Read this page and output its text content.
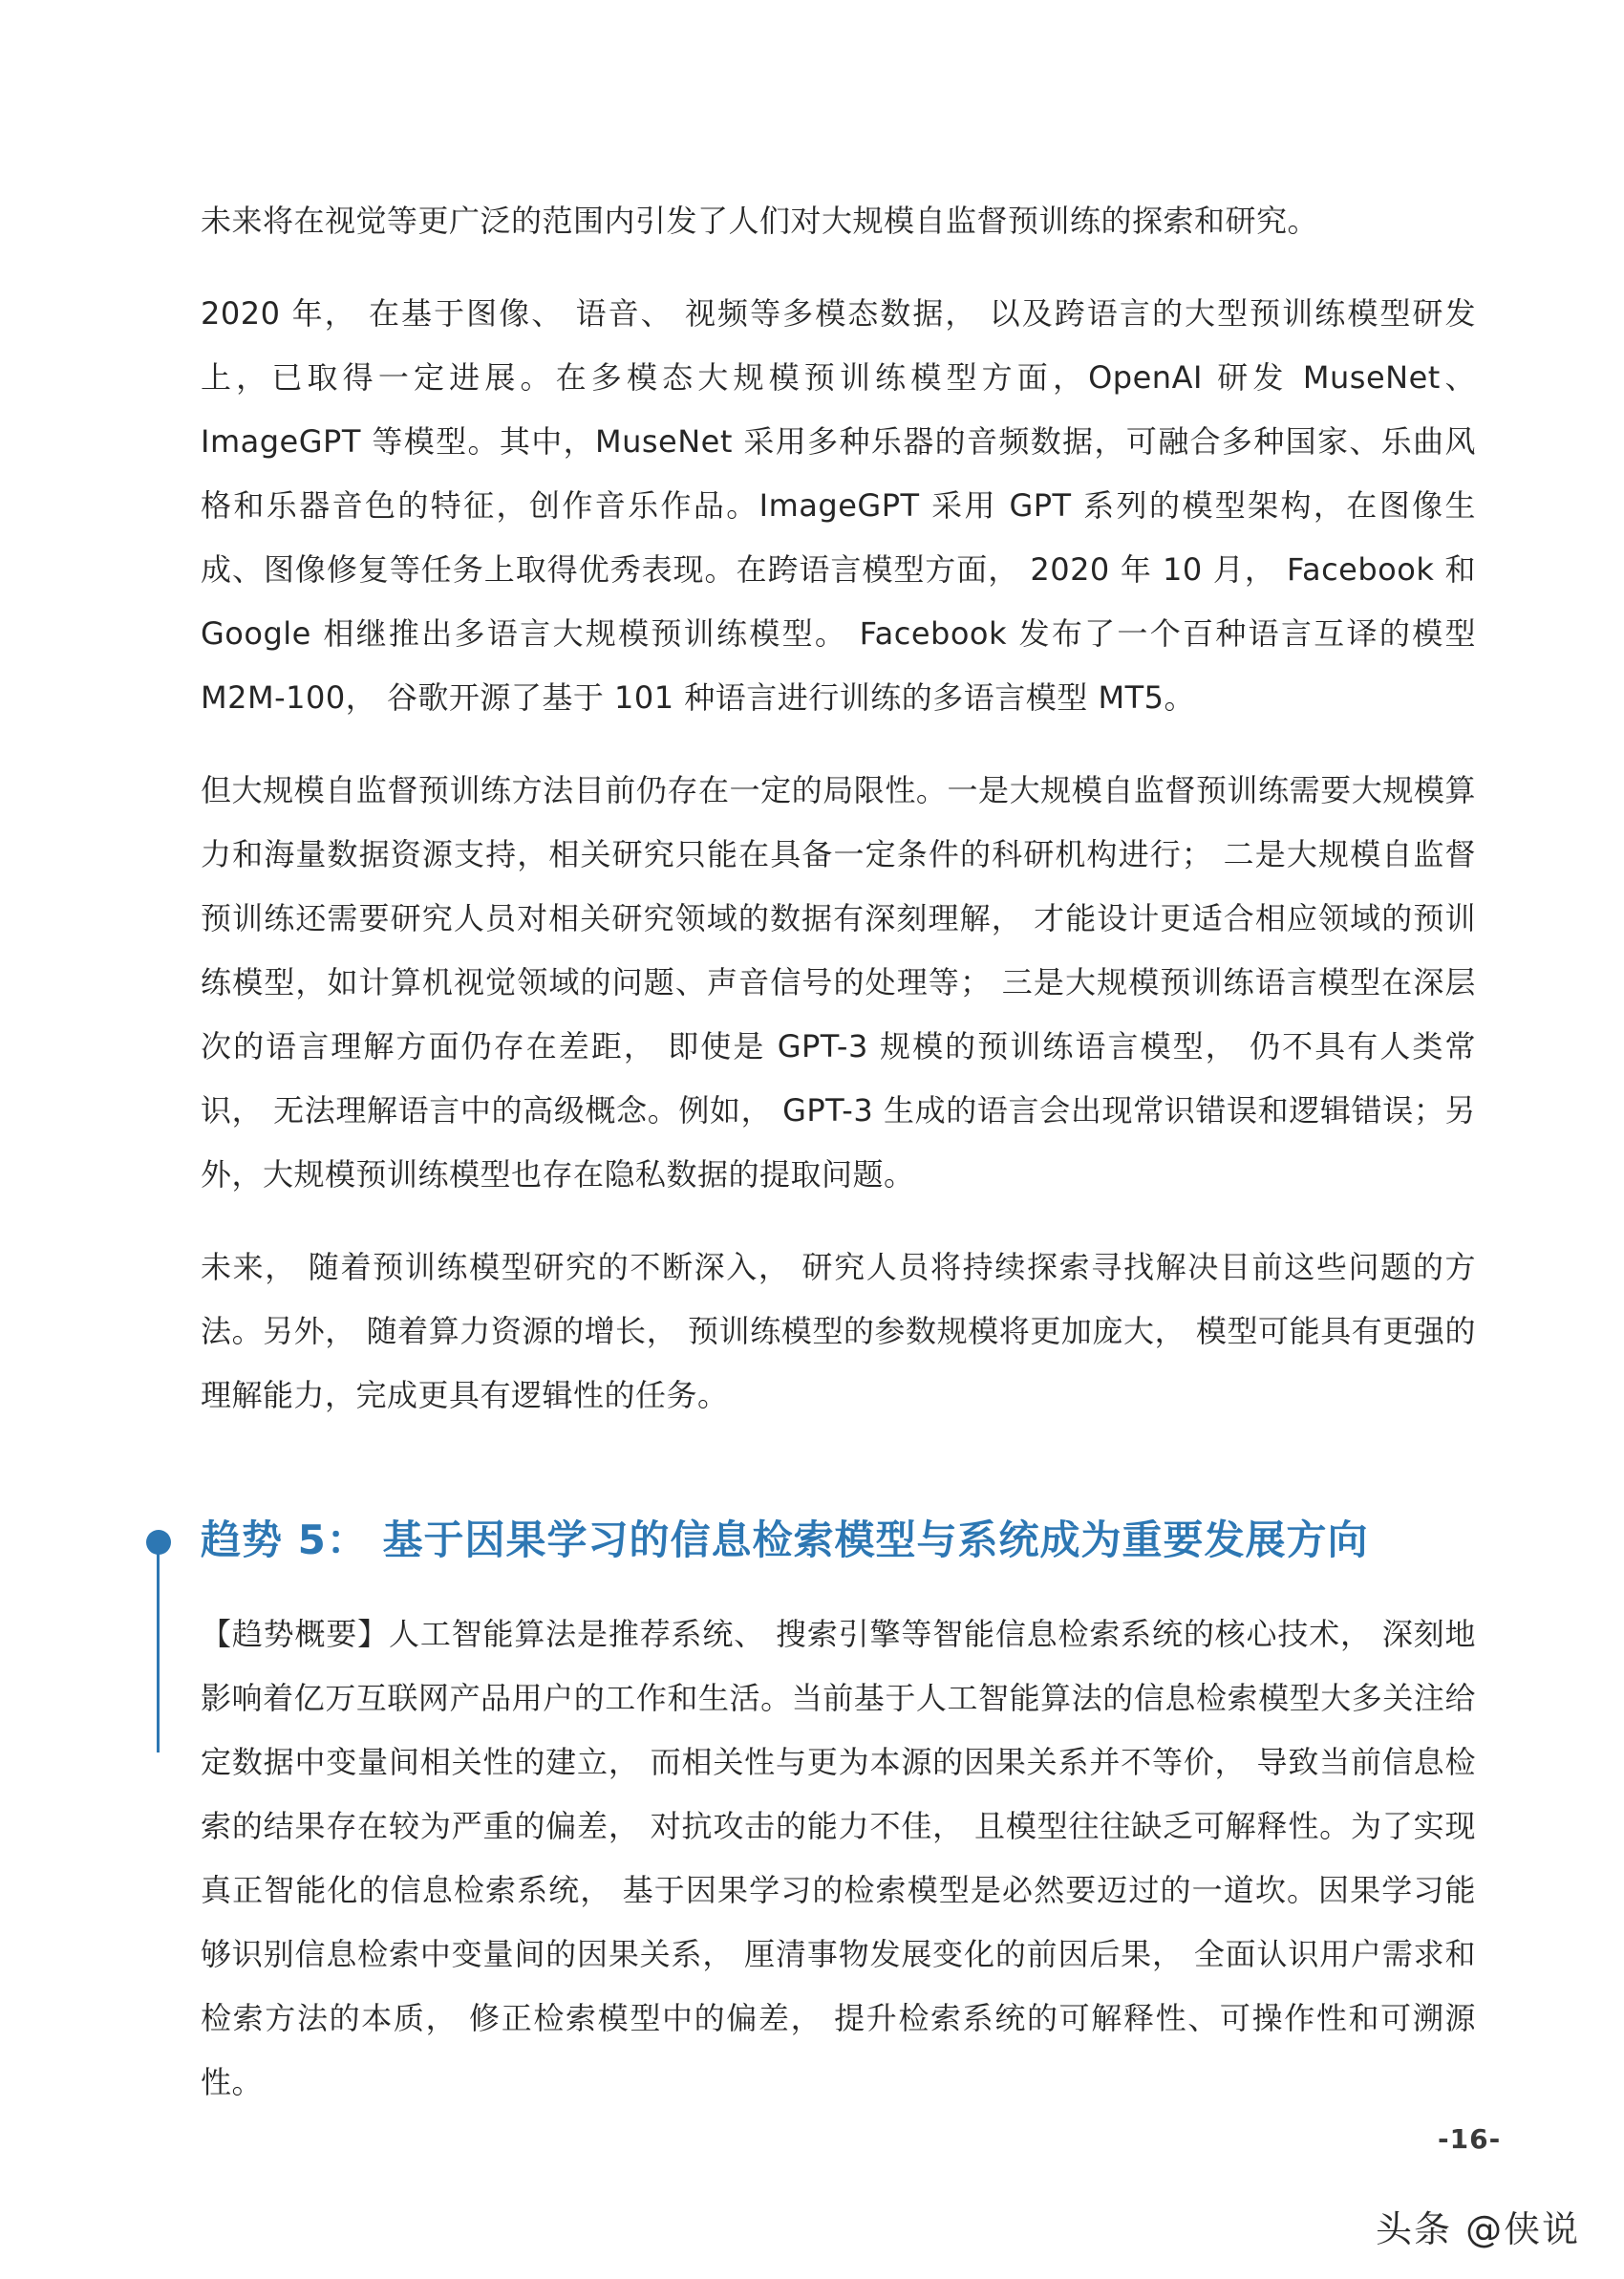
未来将在视觉等更广泛的范围内引发了人们对大规模自监督预训练的探索和研究。

2020 年， 在基于图像、 语音、 视频等多模态数据， 以及跨语言的大型预训练模型研发上，已取得一定进展。在多模态大规模预训练模型方面，OpenAI 研发 MuseNet、ImageGPT 等模型。其中，MuseNet 采用多种乐器的音频数据，可融合多种国家、乐曲风格和乐器音色的特征，创作音乐作品。ImageGPT 采用 GPT 系列的模型架构，在图像生成、图像修复等任务上取得优秀表现。在跨语言模型方面， 2020 年 10 月， Facebook 和 Google 相继推出多语言大规模预训练模型。 Facebook 发布了一个百种语言互译的模型 M2M-100， 谷歌开源了基于 101 种语言进行训练的多语言模型 MT5。

但大规模自监督预训练方法目前仍存在一定的局限性。一是大规模自监督预训练需要大规模算力和海量数据资源支持，相关研究只能在具备一定条件的科研机构进行； 二是大规模自监督预训练还需要研究人员对相关研究领域的数据有深刻理解， 才能设计更适合相应领域的预训练模型，如计算机视觉领域的问题、声音信号的处理等； 三是大规模预训练语言模型在深层次的语言理解方面仍存在差距， 即使是 GPT-3 规模的预训练语言模型， 仍不具有人类常识， 无法理解语言中的高级概念。例如， GPT-3 生成的语言会出现常识错误和逻辑错误；另外，大规模预训练模型也存在隐私数据的提取问题。

未来， 随着预训练模型研究的不断深入， 研究人员将持续探索寻找解决目前这些问题的方法。另外， 随着算力资源的增长， 预训练模型的参数规模将更加庞大， 模型可能具有更强的理解能力，完成更具有逻辑性的任务。

趋势 5： 基于因果学习的信息检索模型与系统成为重要发展方向

【趋势概要】人工智能算法是推荐系统、 搜索引擎等智能信息检索系统的核心技术， 深刻地影响着亿万互联网产品用户的工作和生活。当前基于人工智能算法的信息检索模型大多关注给定数据中变量间相关性的建立， 而相关性与更为本源的因果关系并不等价， 导致当前信息检索的结果存在较为严重的偏差， 对抗攻击的能力不佳， 且模型往往缺乏可解释性。为了实现真正智能化的信息检索系统， 基于因果学习的检索模型是必然要迈过的一道坎。因果学习能够识别信息检索中变量间的因果关系， 厘清事物发展变化的前因后果， 全面认识用户需求和检索方法的本质， 修正检索模型中的偏差， 提升检索系统的可解释性、可操作性和可溯源性。

-16-
头条 @侠说
